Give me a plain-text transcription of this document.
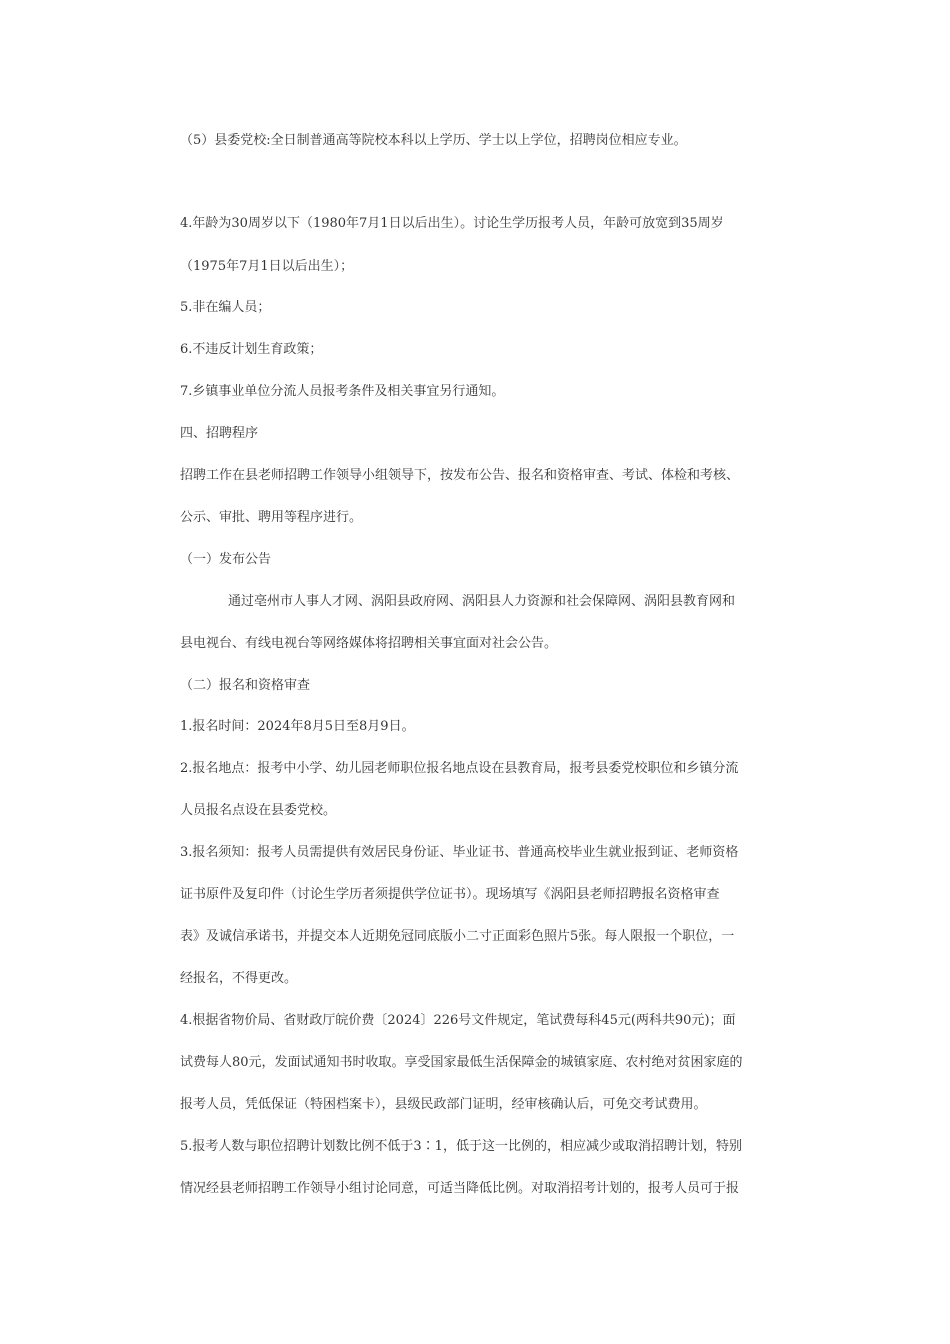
（5）县委党校:全日制普通高等院校本科以上学历、学士以上学位，招聘岗位相应专业。
4.年龄为30周岁以下（1980年7月1日以后出生）。讨论生学历报考人员，年龄可放宽到35周岁
（1975年7月1日以后出生）；
5.非在编人员；
6.不违反计划生育政策；
7.乡镇事业单位分流人员报考条件及相关事宜另行通知。
四、招聘程序
招聘工作在县老师招聘工作领导小组领导下，按发布公告、报名和资格审查、考试、体检和考核、
公示、审批、聘用等程序进行。
（一）发布公告
通过亳州市人事人才网、涡阳县政府网、涡阳县人力资源和社会保障网、涡阳县教育网和
县电视台、有线电视台等网络媒体将招聘相关事宜面对社会公告。
（二）报名和资格审查
1.报名时间：2024年8月5日至8月9日。
2.报名地点：报考中小学、幼儿园老师职位报名地点设在县教育局，报考县委党校职位和乡镇分流
人员报名点设在县委党校。
3.报名须知：报考人员需提供有效居民身份证、毕业证书、普通高校毕业生就业报到证、老师资格
证书原件及复印件（讨论生学历者须提供学位证书）。现场填写《涡阳县老师招聘报名资格审查
表》及诚信承诺书，并提交本人近期免冠同底版小二寸正面彩色照片5张。每人限报一个职位，一
经报名，不得更改。
4.根据省物价局、省财政厅皖价费〔2024〕226号文件规定，笔试费每科45元(两科共90元)；面
试费每人80元，发面试通知书时收取。享受国家最低生活保障金的城镇家庭、农村绝对贫困家庭的
报考人员，凭低保证（特困档案卡），县级民政部门证明，经审核确认后，可免交考试费用。
5.报考人数与职位招聘计划数比例不低于3∶1，低于这一比例的，相应减少或取消招聘计划，特别
情况经县老师招聘工作领导小组讨论同意，可适当降低比例。对取消招考计划的，报考人员可于报
